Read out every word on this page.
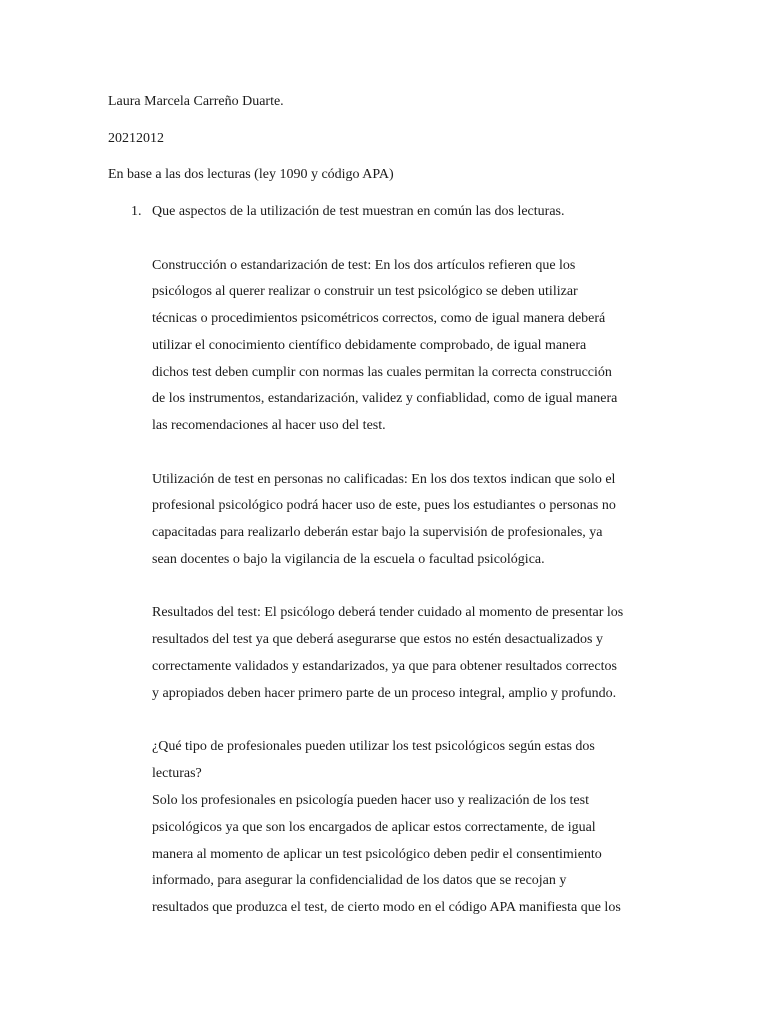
Laura Marcela Carreño Duarte.
20212012
En base a las dos lecturas (ley 1090 y código APA)
1. Que aspectos de la utilización de test muestran en común las dos lecturas.
Construcción o estandarización de test: En los dos artículos refieren que los
psicólogos al querer realizar o construir un test psicológico se deben utilizar
técnicas o procedimientos psicométricos correctos, como de igual manera deberá
utilizar el conocimiento científico debidamente comprobado, de igual manera
dichos test deben cumplir con normas las cuales permitan la correcta construcción
de los instrumentos, estandarización, validez y confiablidad, como de igual manera
las recomendaciones al hacer uso del test.
Utilización de test en personas no calificadas: En los dos textos indican que solo el
profesional psicológico podrá hacer uso de este, pues los estudiantes o personas no
capacitadas para realizarlo deberán estar bajo la supervisión de profesionales, ya
sean docentes o bajo la vigilancia de la escuela o facultad psicológica.
Resultados del test: El psicólogo deberá tender cuidado al momento de presentar los
resultados del test ya que deberá asegurarse que estos no estén desactualizados y
correctamente validados y estandarizados, ya que para obtener resultados correctos
y apropiados deben hacer primero parte de un proceso integral, amplio y profundo.
¿Qué tipo de profesionales pueden utilizar los test psicológicos según estas dos
lecturas?
Solo los profesionales en psicología pueden hacer uso y realización de los test
psicológicos ya que son los encargados de aplicar estos correctamente, de igual
manera al momento de aplicar un test psicológico deben pedir el consentimiento
informado, para asegurar la confidencialidad de los datos que se recojan y
resultados que produzca el test, de cierto modo en el código APA manifiesta que los
